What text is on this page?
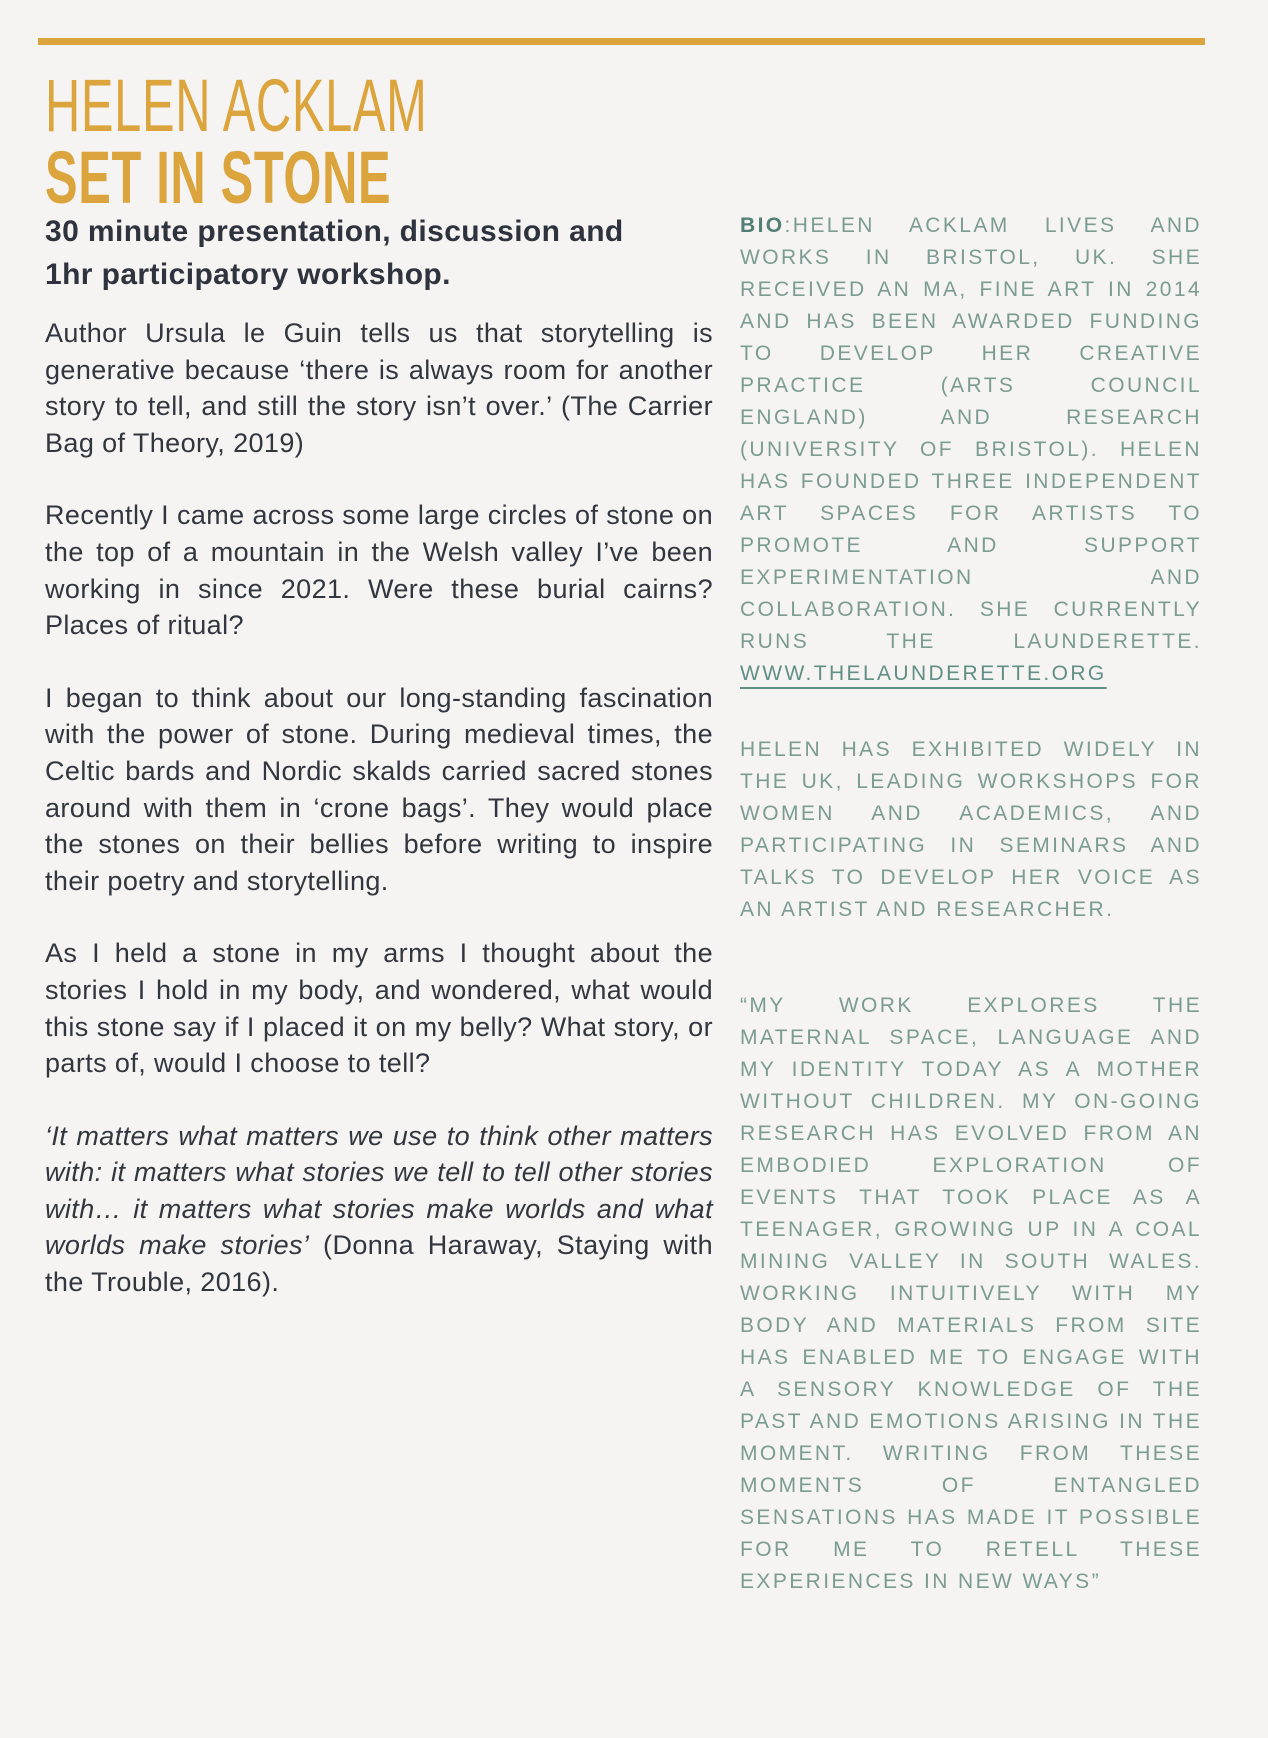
HELEN ACKLAM
SET IN STONE
30 minute presentation, discussion and 1hr participatory workshop.

Author Ursula le Guin tells us that storytelling is generative because ‘there is always room for another story to tell, and still the story isn’t over.’ (The Carrier Bag of Theory, 2019)

Recently I came across some large circles of stone on the top of a mountain in the Welsh valley I’ve been working in since 2021. Were these burial cairns? Places of ritual?

I began to think about our long-standing fascination with the power of stone. During medieval times, the Celtic bards and Nordic skalds carried sacred stones around with them in ‘crone bags’. They would place the stones on their bellies before writing to inspire their poetry and storytelling.

As I held a stone in my arms I thought about the stories I hold in my body, and wondered, what would this stone say if I placed it on my belly? What story, or parts of, would I choose to tell?

‘It matters what matters we use to think other matters with: it matters what stories we tell to tell other stories with… it matters what stories make worlds and what worlds make stories’ (Donna Haraway, Staying with the Trouble, 2016).

BIO:HELEN ACKLAM LIVES AND WORKS IN BRISTOL, UK. SHE RECEIVED AN MA, FINE ART IN 2014 AND HAS BEEN AWARDED FUNDING TO DEVELOP HER CREATIVE PRACTICE (ARTS COUNCIL ENGLAND) AND RESEARCH (UNIVERSITY OF BRISTOL). HELEN HAS FOUNDED THREE INDEPENDENT ART SPACES FOR ARTISTS TO PROMOTE AND SUPPORT EXPERIMENTATION AND COLLABORATION. SHE CURRENTLY RUNS THE LAUNDERETTE.

WWW.THELAUNDERETTE.ORG

HELEN HAS EXHIBITED WIDELY IN THE UK, LEADING WORKSHOPS FOR WOMEN AND ACADEMICS, AND PARTICIPATING IN SEMINARS AND TALKS TO DEVELOP HER VOICE AS AN ARTIST AND RESEARCHER.

“MY WORK EXPLORES THE MATERNAL SPACE, LANGUAGE AND MY IDENTITY TODAY AS A MOTHER WITHOUT CHILDREN. MY ON-GOING RESEARCH HAS EVOLVED FROM AN EMBODIED EXPLORATION OF EVENTS THAT TOOK PLACE AS A TEENAGER, GROWING UP IN A COAL MINING VALLEY IN SOUTH WALES. WORKING INTUITIVELY WITH MY BODY AND MATERIALS FROM SITE HAS ENABLED ME TO ENGAGE WITH A SENSORY KNOWLEDGE OF THE PAST AND EMOTIONS ARISING IN THE MOMENT. WRITING FROM THESE MOMENTS OF ENTANGLED SENSATIONS HAS MADE IT POSSIBLE FOR ME TO RETELL THESE EXPERIENCES IN NEW WAYS”
